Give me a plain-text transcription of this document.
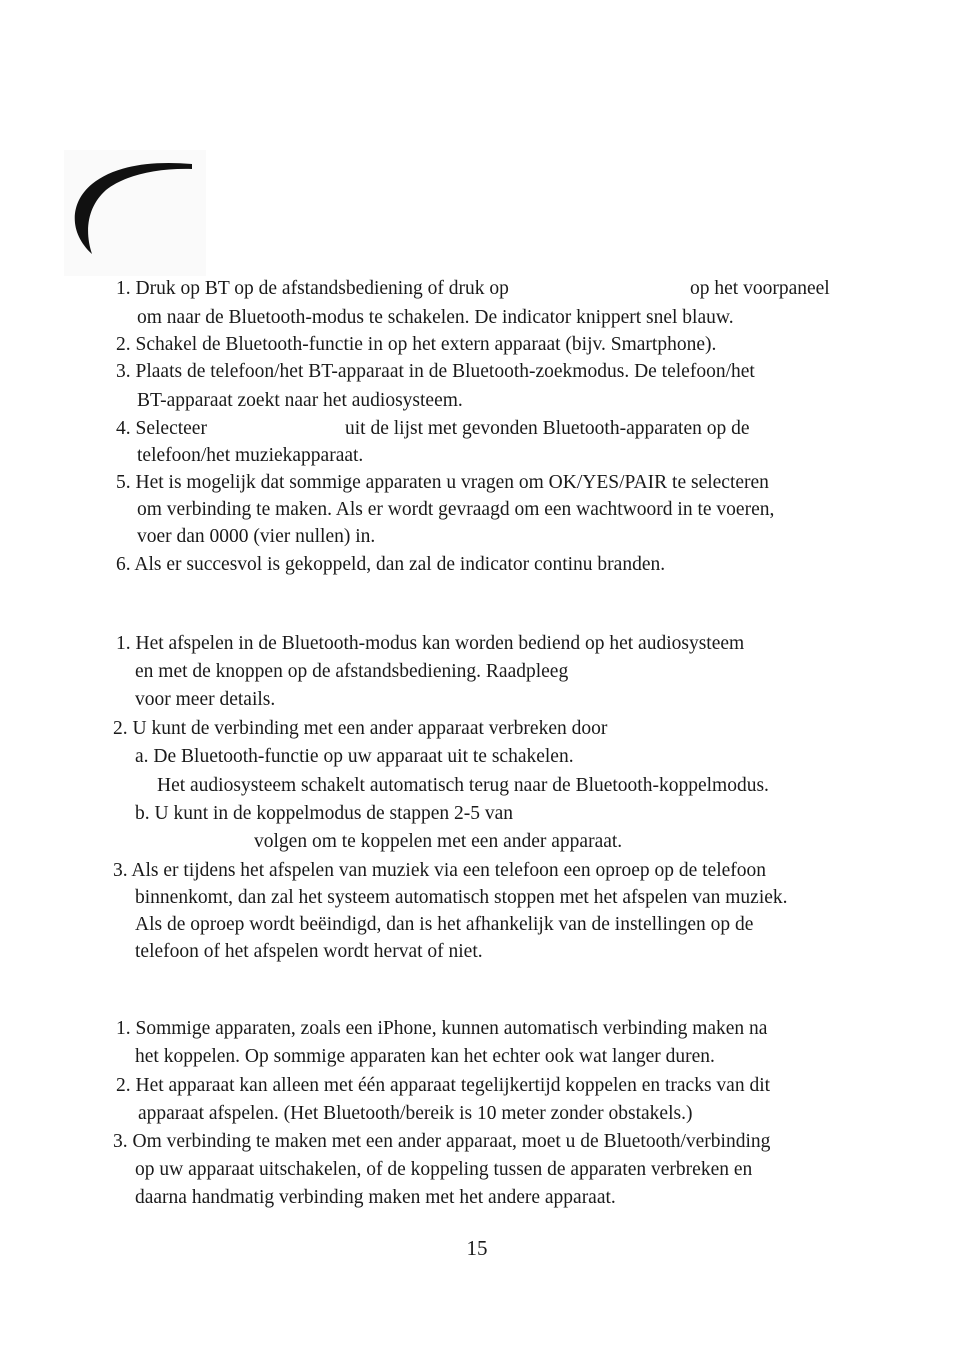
1. Druk op BT op de afstandsbediening of druk op	op het voorpaneel
om naar de Bluetooth-modus te schakelen. De indicator knippert snel blauw.
2. Schakel de Bluetooth-functie in op het extern apparaat (bijv. Smartphone).
3. Plaats de telefoon/het BT-apparaat in de Bluetooth-zoekmodus. De telefoon/het
BT-apparaat zoekt naar het audiosysteem.
4. Selecteer	uit de lijst met gevonden Bluetooth-apparaten op de
telefoon/het muziekapparaat.
5. Het is mogelijk dat sommige apparaten u vragen om OK/YES/PAIR te selecteren
om verbinding te maken. Als er wordt gevraagd om een wachtwoord in te voeren,
voer dan 0000 (vier nullen) in.
6. Als er succesvol is gekoppeld, dan zal de indicator continu branden.
1. Het afspelen in de Bluetooth-modus kan worden bediend op het audiosysteem
en met de knoppen op de afstandsbediening. Raadpleeg
voor meer details.
2. U kunt de verbinding met een ander apparaat verbreken door
a. De Bluetooth-functie op uw apparaat uit te schakelen.
Het audiosysteem schakelt automatisch terug naar de Bluetooth-koppelmodus.
b. U kunt in de koppelmodus de stappen 2-5 van
volgen om te koppelen met een ander apparaat.
3. Als er tijdens het afspelen van muziek via een telefoon een oproep op de telefoon
binnenkomt, dan zal het systeem automatisch stoppen met het afspelen van muziek.
Als de oproep wordt beëindigd, dan is het afhankelijk van de instellingen op de
telefoon of het afspelen wordt hervat of niet.
1. Sommige apparaten, zoals een iPhone, kunnen automatisch verbinding maken na
het koppelen. Op sommige apparaten kan het echter ook wat langer duren.
2. Het apparaat kan alleen met één apparaat tegelijkertijd koppelen en tracks van dit
apparaat afspelen. (Het Bluetooth/bereik is 10 meter zonder obstakels.)
3. Om verbinding te maken met een ander apparaat, moet u de Bluetooth/verbinding
op uw apparaat uitschakelen, of de koppeling tussen de apparaten verbreken en
daarna handmatig verbinding maken met het andere apparaat.
15
